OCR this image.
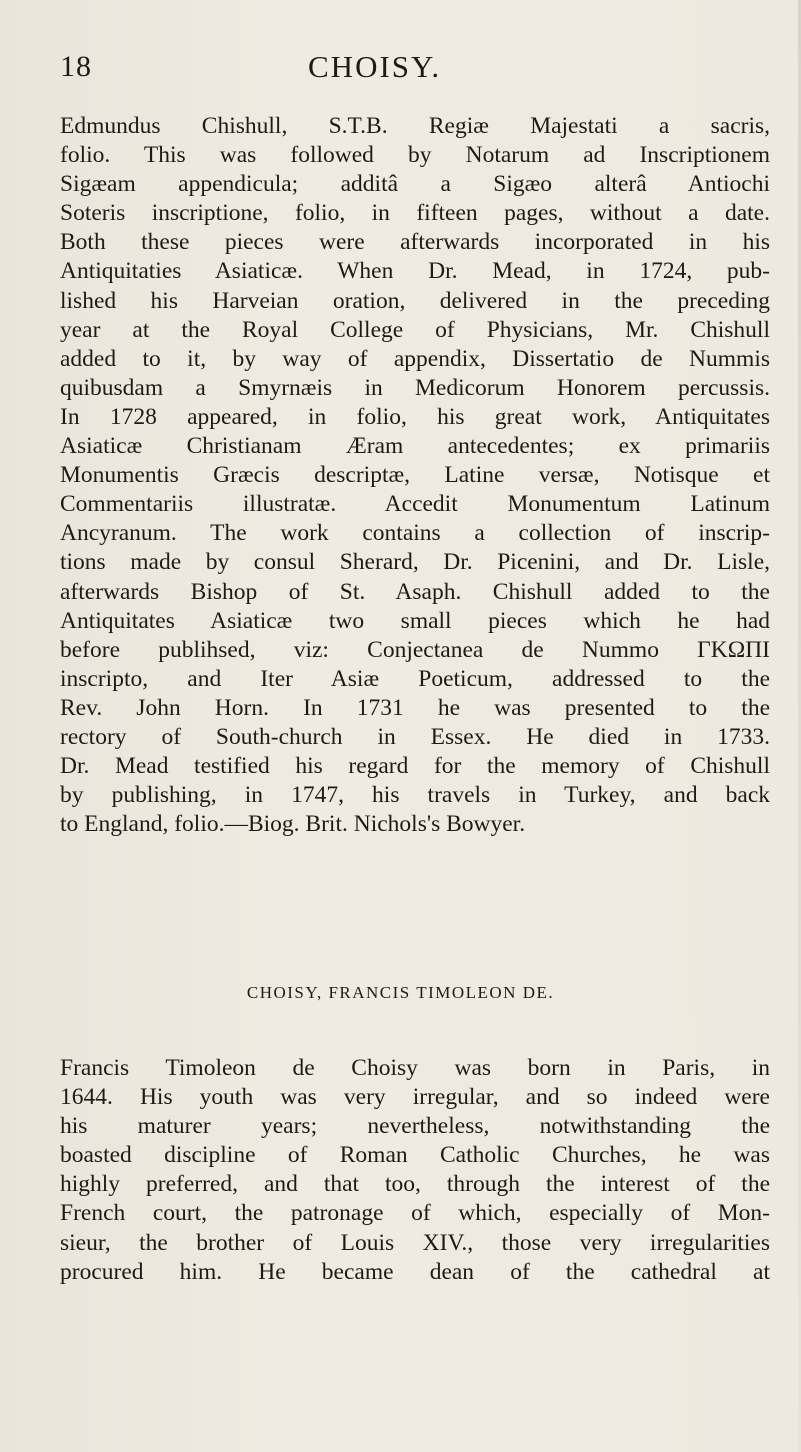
18	CHOISY.
Edmundus Chishull, S.T.B. Regiæ Majestati a sacris,
folio. This was followed by Notarum ad Inscriptionem
Sigæam appendicula; additâ a Sigæo alterâ Antiochi
Soteris inscriptione, folio, in fifteen pages, without a date.
Both these pieces were afterwards incorporated in his
Antiquitaties Asiaticæ. When Dr. Mead, in 1724, pub-
lished his Harveian oration, delivered in the preceding
year at the Royal College of Physicians, Mr. Chishull
added to it, by way of appendix, Dissertatio de Nummis
quibusdam a Smyrnæis in Medicorum Honorem percussis.
In 1728 appeared, in folio, his great work, Antiquitates
Asiaticæ Christianam Æram antecedentes; ex primariis
Monumentis Græcis descriptæ, Latine versæ, Notisque et
Commentariis illustratæ. Accedit Monumentum Latinum
Ancyranum. The work contains a collection of inscrip-
tions made by consul Sherard, Dr. Picenini, and Dr. Lisle,
afterwards Bishop of St. Asaph. Chishull added to the
Antiquitates Asiaticæ two small pieces which he had
before publihsed, viz: Conjectanea de Nummo ΓΚΩΠΙ
inscripto, and Iter Asiæ Poeticum, addressed to the
Rev. John Horn. In 1731 he was presented to the
rectory of South-church in Essex. He died in 1733.
Dr. Mead testified his regard for the memory of Chishull
by publishing, in 1747, his travels in Turkey, and back
to England, folio.—Biog. Brit. Nichols's Bowyer.
CHOISY, FRANCIS TIMOLEON DE.
Francis Timoleon de Choisy was born in Paris, in
1644. His youth was very irregular, and so indeed were
his maturer years; nevertheless, notwithstanding the
boasted discipline of Roman Catholic Churches, he was
highly preferred, and that too, through the interest of the
French court, the patronage of which, especially of Mon-
sieur, the brother of Louis XIV., those very irregularities
procured him. He became dean of the cathedral at
